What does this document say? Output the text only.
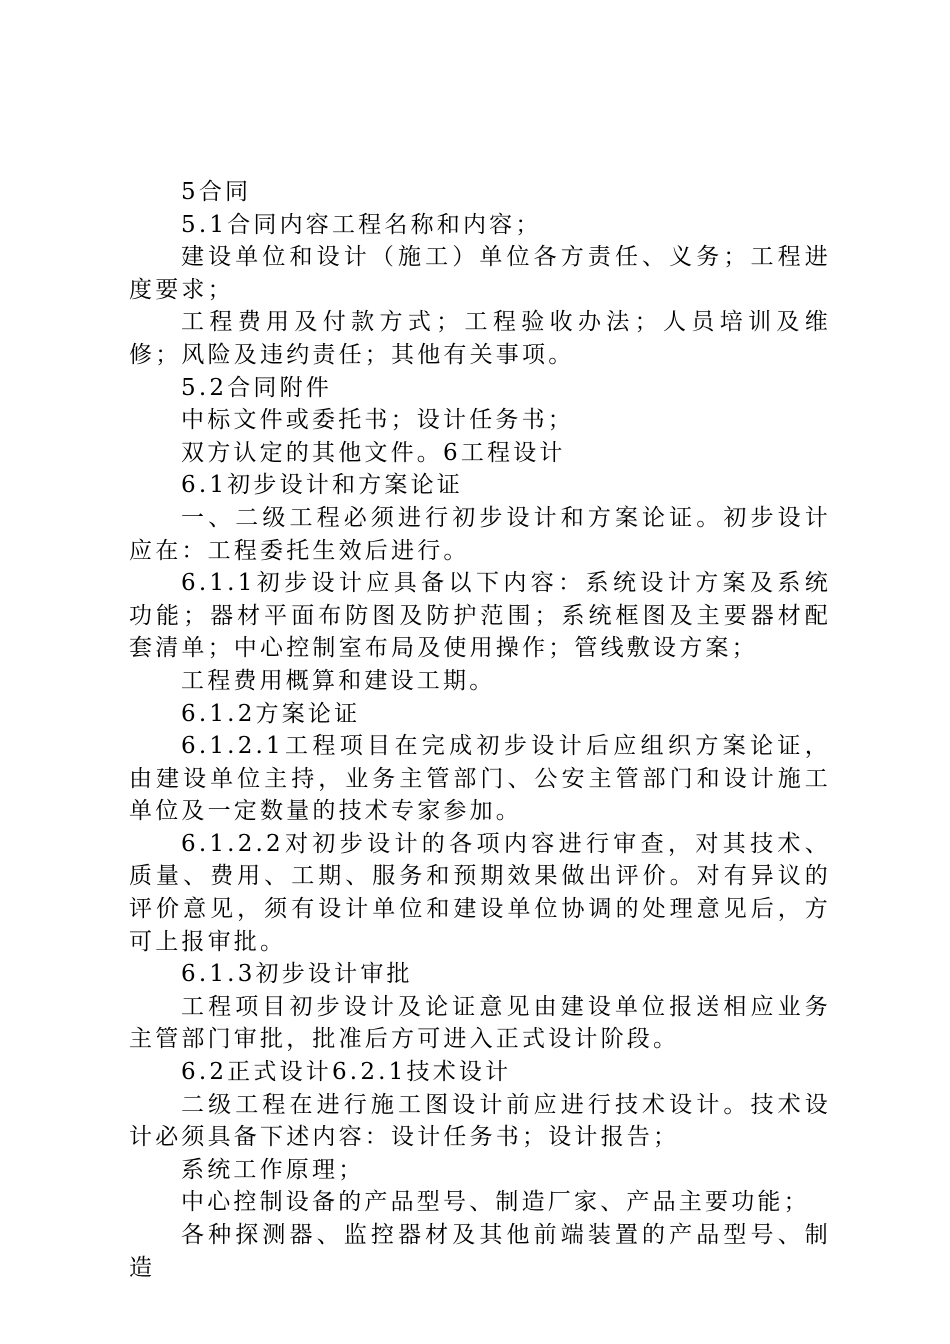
5合同

5.1合同内容工程名称和内容；

建设单位和设计（施工）单位各方责任、义务；工程进度要求；

工程费用及付款方式；工程验收办法；人员培训及维修；风险及违约责任；其他有关事项。

5.2合同附件

中标文件或委托书；设计任务书；

双方认定的其他文件。6工程设计

6.1初步设计和方案论证

一、二级工程必须进行初步设计和方案论证。初步设计应在：工程委托生效后进行。

6.1.1初步设计应具备以下内容：系统设计方案及系统功能；器材平面布防图及防护范围；系统框图及主要器材配套清单；中心控制室布局及使用操作；管线敷设方案；

工程费用概算和建设工期。

6.1.2方案论证

6.1.2.1工程项目在完成初步设计后应组织方案论证，由建设单位主持，业务主管部门、公安主管部门和设计施工单位及一定数量的技术专家参加。

6.1.2.2对初步设计的各项内容进行审查，对其技术、质量、费用、工期、服务和预期效果做出评价。对有异议的评价意见，须有设计单位和建设单位协调的处理意见后，方可上报审批。

6.1.3初步设计审批

工程项目初步设计及论证意见由建设单位报送相应业务主管部门审批，批准后方可进入正式设计阶段。

6.2正式设计6.2.1技术设计

二级工程在进行施工图设计前应进行技术设计。技术设计必须具备下述内容：设计任务书；设计报告；

系统工作原理；

中心控制设备的产品型号、制造厂家、产品主要功能；

各种探测器、监控器材及其他前端装置的产品型号、制造
